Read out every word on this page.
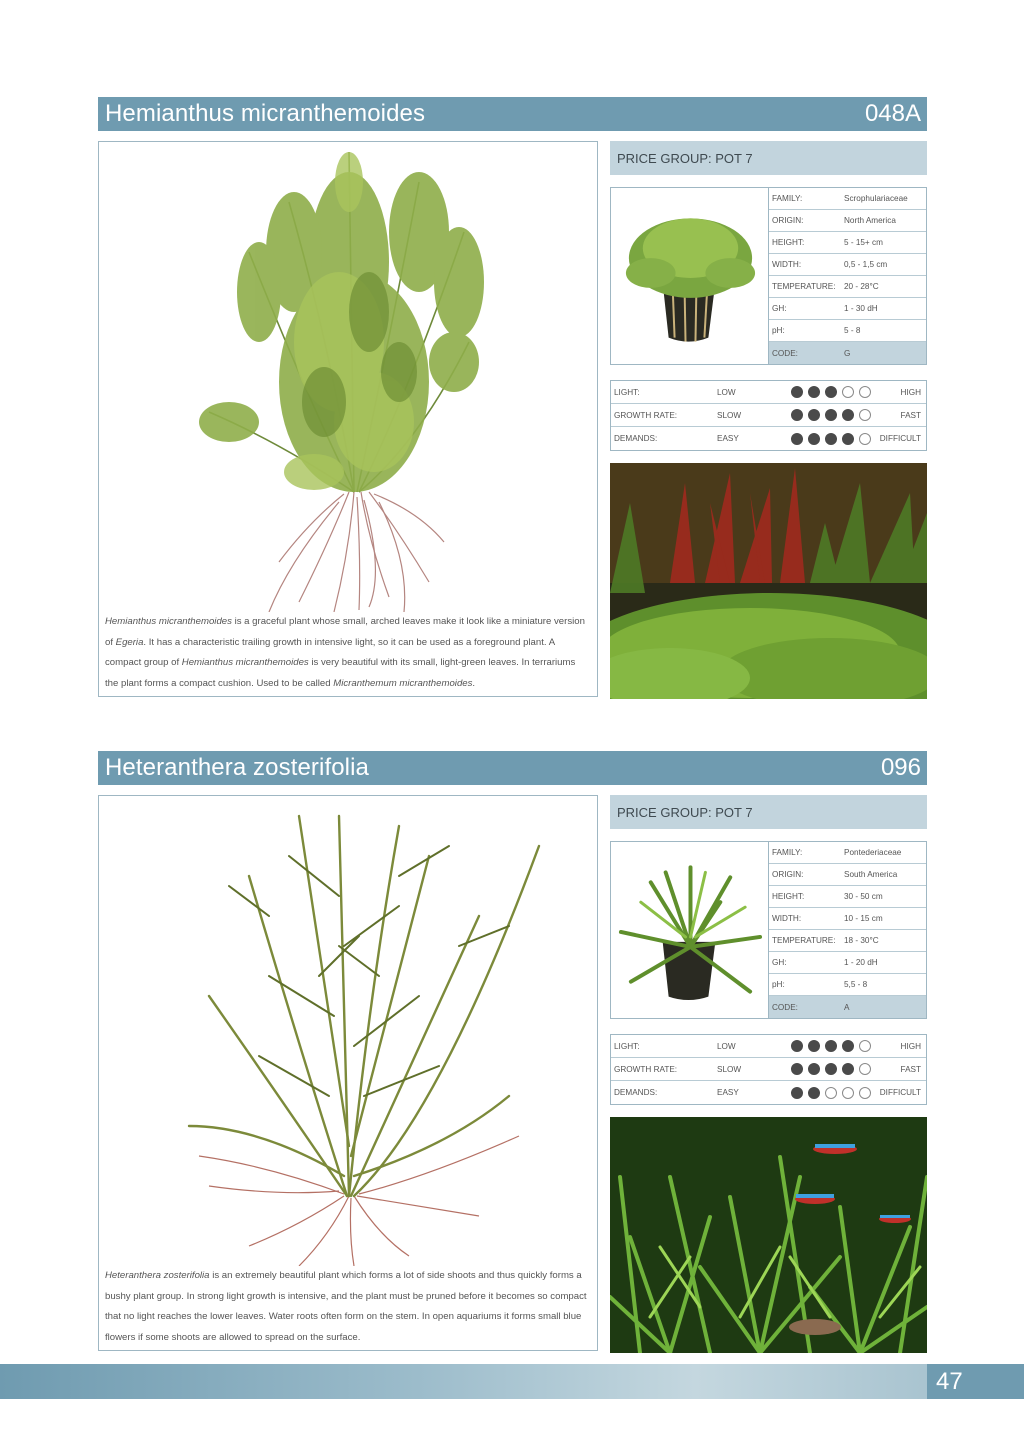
Hemianthus micranthemoides	048A

Hemianthus micranthemoides is a graceful plant whose small, arched leaves make it look like a miniature version of Egeria. It has a characteristic trailing growth in intensive light, so it can be used as a foreground plant. A compact group of Hemianthus micranthemoides is very beautiful with its small, light-green leaves. In terrariums the plant forms a compact cushion. Used to be called Micranthemum micranthemoides.

PRICE GROUP: POT 7
FAMILY:	Scrophulariaceae
ORIGIN:	North America
HEIGHT:	5 - 15+ cm
WIDTH:	0,5 - 1,5 cm
TEMPERATURE:	20 - 28°C
GH:	1 - 30 dH
pH:	5 - 8
CODE:	G
LIGHT:	LOW	HIGH
GROWTH RATE:	SLOW	FAST
DEMANDS:	EASY	DIFFICULT
Heteranthera zosterifolia	096

Heteranthera zosterifolia is an extremely beautiful plant which forms a lot of side shoots and thus quickly forms a bushy plant group. In strong light growth is intensive, and the plant must be pruned before it becomes so compact that no light reaches the lower leaves. Water roots often form on the stem. In open aquariums it forms small blue flowers if some shoots are allowed to spread on the surface.

PRICE GROUP: POT 7
FAMILY:	Pontederiaceae
ORIGIN:	South America
HEIGHT:	30 - 50 cm
WIDTH:	10 - 15 cm
TEMPERATURE:	18 - 30°C
GH:	1 - 20 dH
pH:	5,5 - 8
CODE:	A
LIGHT:	LOW	HIGH
GROWTH RATE:	SLOW	FAST
DEMANDS:	EASY	DIFFICULT
47
